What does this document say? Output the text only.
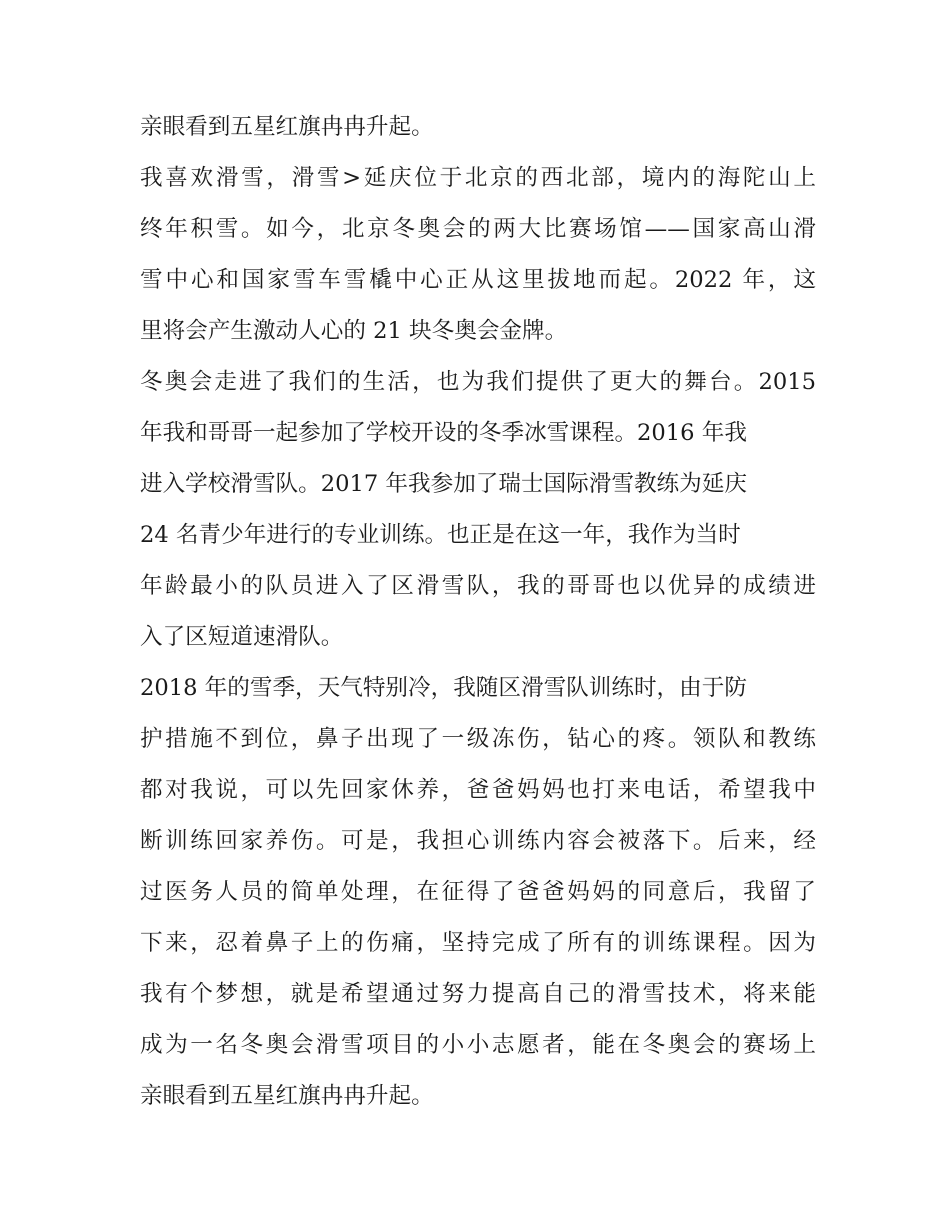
亲眼看到五星红旗冉冉升起。
我喜欢滑雪，滑雪>延庆位于北京的西北部，境内的海陀山上
终年积雪。如今，北京冬奥会的两大比赛场馆——国家高山滑
雪中心和国家雪车雪橇中心正从这里拔地而起。2022 年，这
里将会产生激动人心的 21 块冬奥会金牌。
冬奥会走进了我们的生活，也为我们提供了更大的舞台。2015
年我和哥哥一起参加了学校开设的冬季冰雪课程。2016 年我
进入学校滑雪队。2017 年我参加了瑞士国际滑雪教练为延庆
24 名青少年进行的专业训练。也正是在这一年，我作为当时
年龄最小的队员进入了区滑雪队，我的哥哥也以优异的成绩进
入了区短道速滑队。
2018 年的雪季，天气特别冷，我随区滑雪队训练时，由于防
护措施不到位，鼻子出现了一级冻伤，钻心的疼。领队和教练
都对我说，可以先回家休养，爸爸妈妈也打来电话，希望我中
断训练回家养伤。可是，我担心训练内容会被落下。后来，经
过医务人员的简单处理，在征得了爸爸妈妈的同意后，我留了
下来，忍着鼻子上的伤痛，坚持完成了所有的训练课程。因为
我有个梦想，就是希望通过努力提高自己的滑雪技术，将来能
成为一名冬奥会滑雪项目的小小志愿者，能在冬奥会的赛场上
亲眼看到五星红旗冉冉升起。
